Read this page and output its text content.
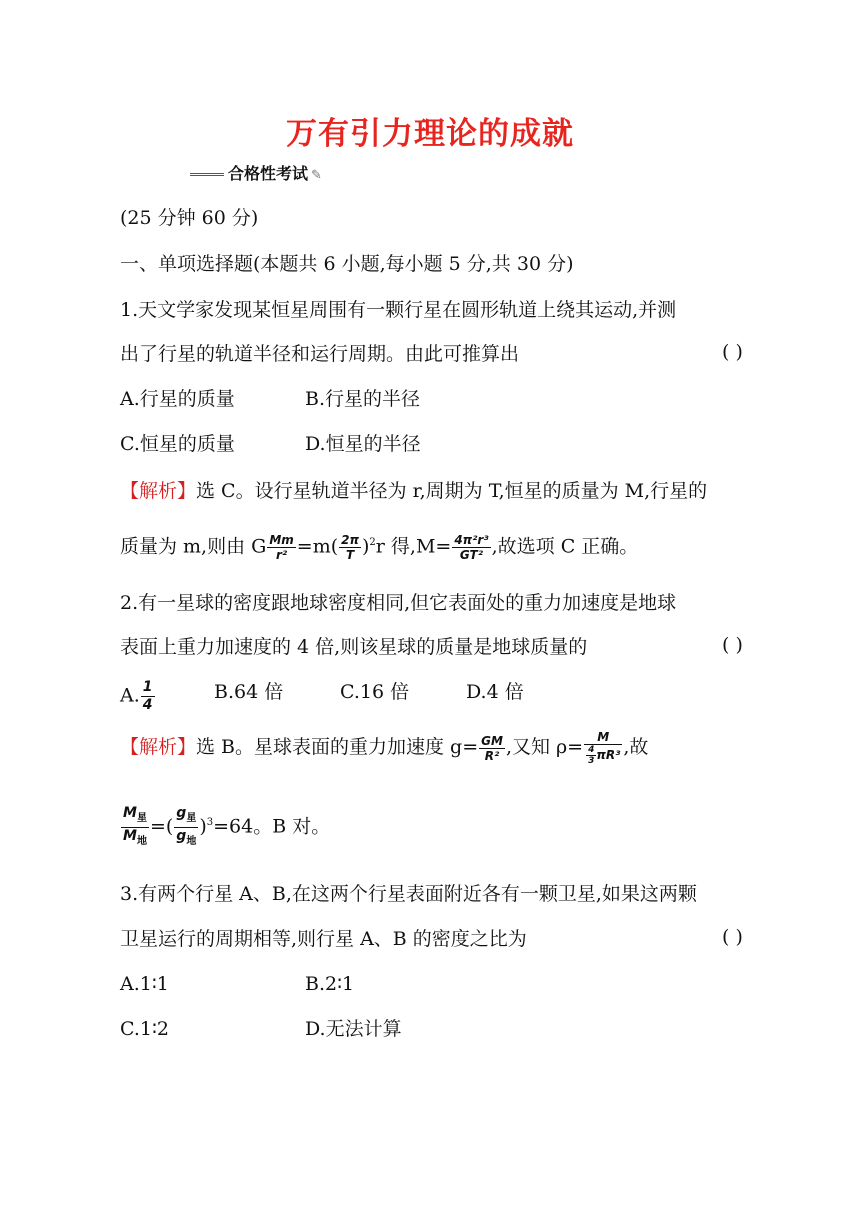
万有引力理论的成就
合格性考试 ✎
(25 分钟 60 分)
一、单项选择题(本题共 6 小题,每小题 5 分,共 30 分)
1.天文学家发现某恒星周围有一颗行星在圆形轨道上绕其运动,并测
出了行星的轨道半径和运行周期。由此可推算出	( )
A.行星的质量	B.行星的半径
C.恒星的质量	D.恒星的半径
【解析】选 C。设行星轨道半径为 r,周期为 T,恒星的质量为 M,行星的
质量为 m,则由 G $\frac{Mm}{\text{r²}} =m( \frac{2\pi}{T} )^2r$ 得$,M= \frac{\text{4π²r³}}{\text{GT²}}$ ,故选项 C 正确。
2.有一星球的密度跟地球密度相同,但它表面处的重力加速度是地球
表面上重力加速度的 4 倍,则该星球的质量是地球质量的	( )
A. $\frac{1}{4}$	B.64 倍	C.16 倍	D.4 倍
【解析】选 B。星球表面的重力加速度 $g= \frac{GM}{\text{R²}}$ ,又知 $\rho= \frac{M}{\frac{4}{3} \pi R^3}$ ,故
$\frac{M_星}{M_地}$ =( $\frac{g_星}{g_地} )^3=64$。B 对。
3.有两个行星 A、B,在这两个行星表面附近各有一颗卫星,如果这两颗
卫星运行的周期相等,则行星 A、B 的密度之比为	( )
A.1∶1	B.2∶1
C.1∶2	D.无法计算
